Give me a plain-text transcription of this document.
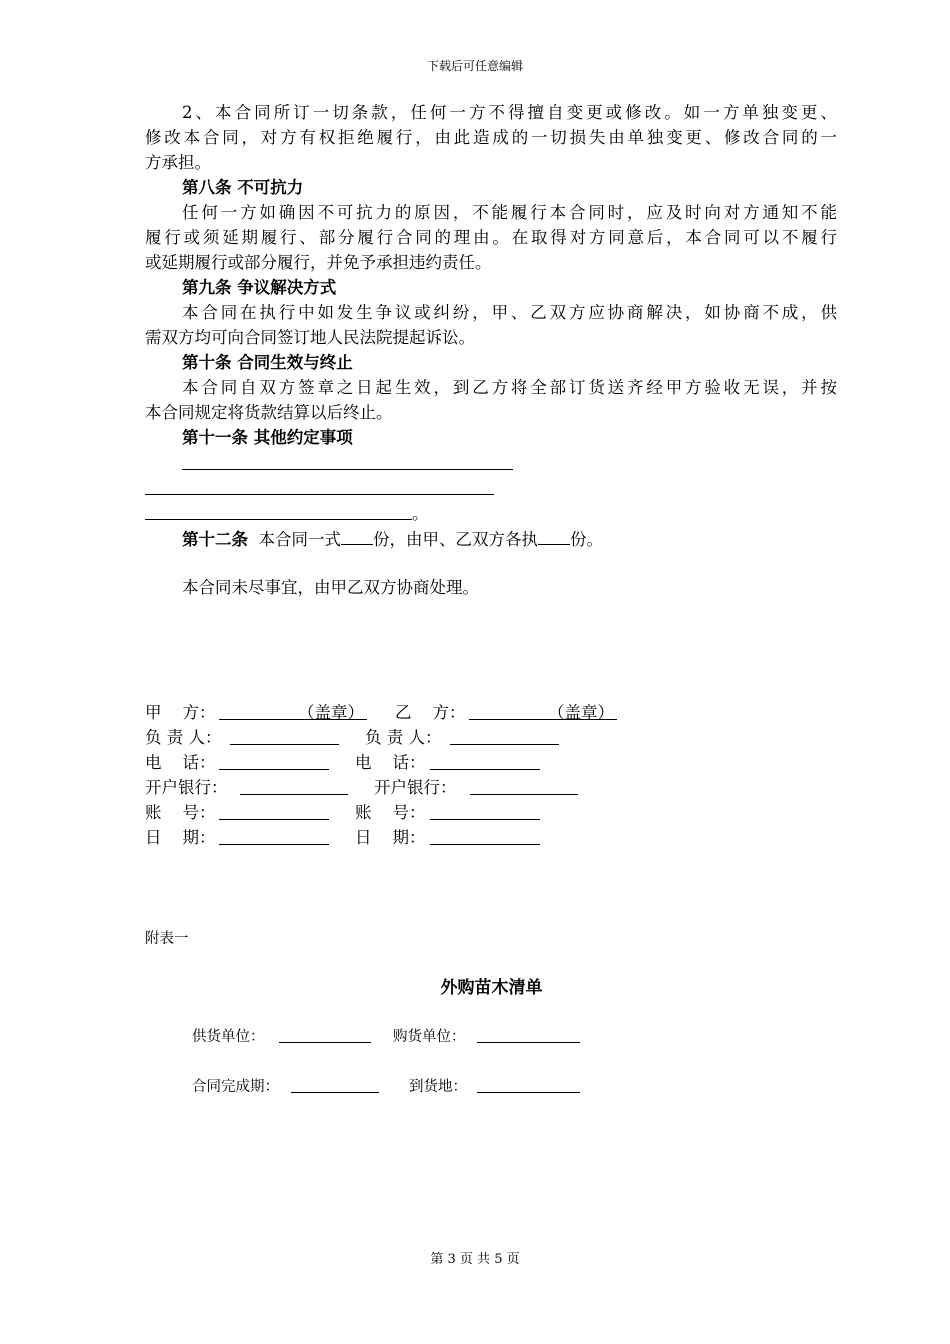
下载后可任意编辑
2、本合同所订一切条款，任何一方不得擅自变更或修改。如一方单独变更、
修改本合同，对方有权拒绝履行，由此造成的一切损失由单独变更、修改合同的一
方承担。
第八条 不可抗力
任何一方如确因不可抗力的原因，不能履行本合同时，应及时向对方通知不能
履行或须延期履行、部分履行合同的理由。在取得对方同意后，本合同可以不履行
或延期履行或部分履行，并免予承担违约责任。
第九条 争议解决方式
本合同在执行中如发生争议或纠纷，甲、乙双方应协商解决，如协商不成，供
需双方均可向合同签订地人民法院提起诉讼。
第十条 合同生效与终止
本合同自双方签章之日起生效，到乙方将全部订货送齐经甲方验收无误，并按
本合同规定将货款结算以后终止。
第十一条 其他约定事项
。
第十二条 本合同一式 份，由甲、乙双方各执 份。
本合同未尽事宜，由甲乙双方协商处理。
甲    方：	（盖章） 乙    方：	（盖章）
负 责 人：	负 责 人：
电    话：	电    话：
开户银行：	开户银行：
账    号：	账    号：
日    期：	日    期：
附表一
外购苗木清单
供货单位：	购货单位：
合同完成期：	到货地：
第 3 页 共 5 页
